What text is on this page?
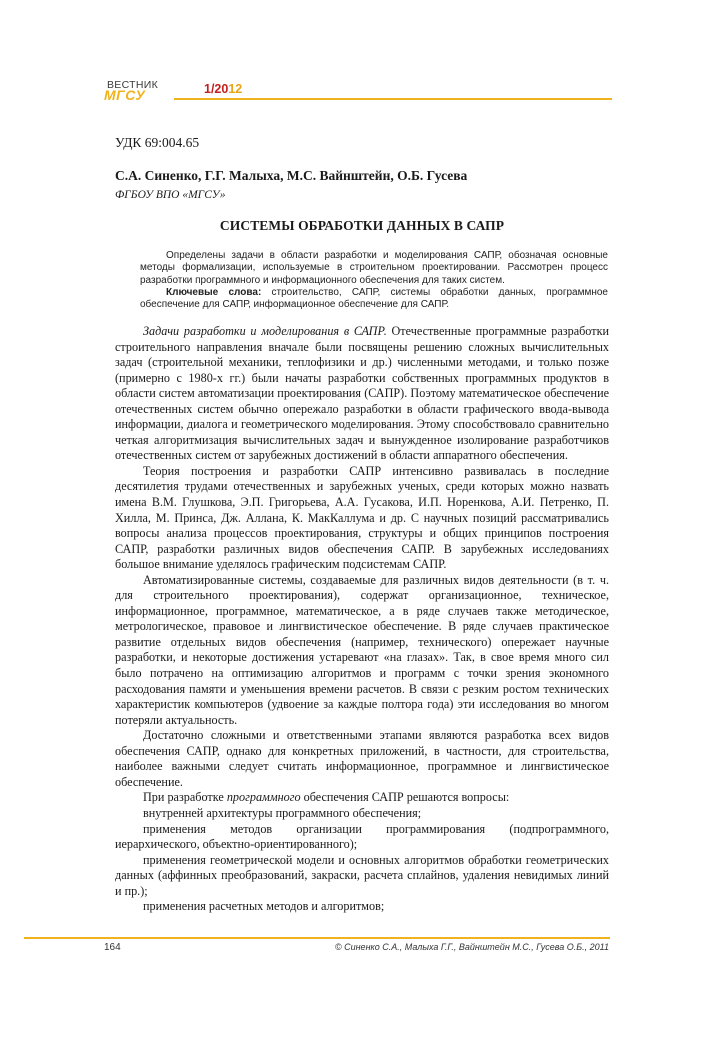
ВЕСТНИК
МГСУ	1/2012
УДК 69:004.65
С.А. Синенко, Г.Г. Малыха, М.С. Вайнштейн, О.Б. Гусева
ФГБОУ ВПО «МГСУ»
СИСТЕМЫ ОБРАБОТКИ ДАННЫХ В САПР

Определены задачи в области разработки и моделирования САПР, обозначая основные методы формализации, используемые в строительном проектировании. Рассмотрен процесс разработки программного и информационного обеспечения для таких систем.

Ключевые слова: строительство, САПР, системы обработки данных, программное обеспечение для САПР, информационное обеспечение для САПР.

Задачи разработки и моделирования в САПР. Отечественные программные разработки строительного направления вначале были посвящены решению сложных вычислительных задач (строительной механики, теплофизики и др.) численными методами, и только позже (примерно с 1980-х гг.) были начаты разработки собственных программных продуктов в области систем автоматизации проектирования (САПР). Поэтому математическое обеспечение отечественных систем обычно опережало разработки в области графического ввода-вывода информации, диалога и геометрического моделирования. Этому способствовало сравнительно четкая алгоритмизация вычислительных задач и вынужденное изолирование разработчиков отечественных систем от зарубежных достижений в области аппаратного обеспечения.

Теория построения и разработки САПР интенсивно развивалась в последние десятилетия трудами отечественных и зарубежных ученых, среди которых можно назвать имена В.М. Глушкова, Э.П. Григорьева, А.А. Гусакова, И.П. Норенкова, А.И. Петренко, П. Хилла, М. Принса, Дж. Аллана, К. МакКаллума и др. С научных позиций рассматривались вопросы анализа процессов проектирования, структуры и общих принципов построения САПР, разработки различных видов обеспечения САПР. В зарубежных исследованиях большое внимание уделялось графическим подсистемам САПР.

Автоматизированные системы, создаваемые для различных видов деятельности (в т. ч. для строительного проектирования), содержат организационное, техническое, информационное, программное, математическое, а в ряде случаев также методическое, метрологическое, правовое и лингвистическое обеспечение. В ряде случаев практическое развитие отдельных видов обеспечения (например, технического) опережает научные разработки, и некоторые достижения устаревают «на глазах». Так, в свое время много сил было потрачено на оптимизацию алгоритмов и программ с точки зрения экономного расходования памяти и уменьшения времени расчетов. В связи с резким ростом технических характеристик компьютеров (удвоение за каждые полтора года) эти исследования во многом потеряли актуальность.

Достаточно сложными и ответственными этапами являются разработка всех видов обеспечения САПР, однако для конкретных приложений, в частности, для строительства, наиболее важными следует считать информационное, программное и лингвистическое обеспечение.

При разработке программного обеспечения САПР решаются вопросы:

внутренней архитектуры программного обеспечения;

применения методов организации программирования (подпрограммного, иерархического, объектно-ориентированного);

применения геометрической модели и основных алгоритмов обработки геометрических данных (аффинных преобразований, закраски, расчета сплайнов, удаления невидимых линий и пр.);

применения расчетных методов и алгоритмов;

164	© Синенко С.А., Малыха Г.Г., Вайнштейн М.С., Гусева О.Б., 2011
